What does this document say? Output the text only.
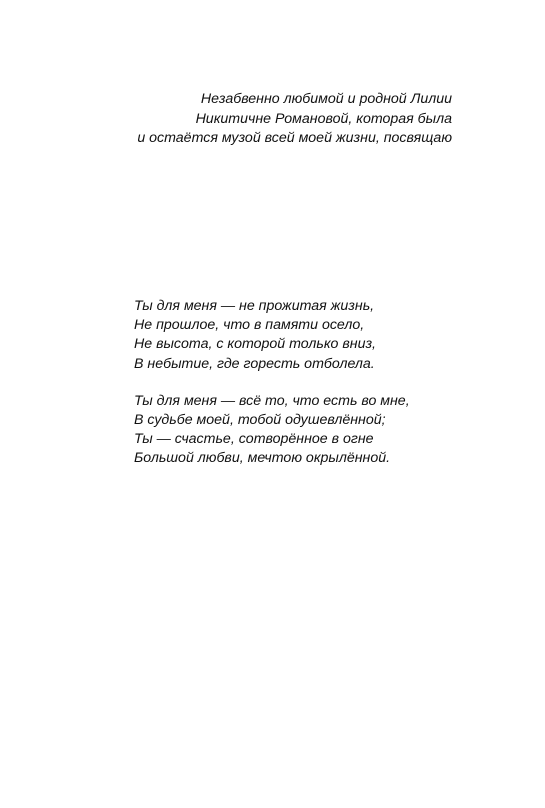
Незабвенно любимой и родной Лилии
Никитичне Романовой, которая была
и остаётся музой всей моей жизни, посвящаю
Ты для меня — не прожитая жизнь,
Не прошлое, что в памяти осело,
Не высота, с которой только вниз,
В небытие, где горесть отболела.
Ты для меня — всё то, что есть во мне,
В судьбе моей, тобой одушевлённой;
Ты — счастье, сотворённое в огне
Большой любви, мечтою окрылённой.
